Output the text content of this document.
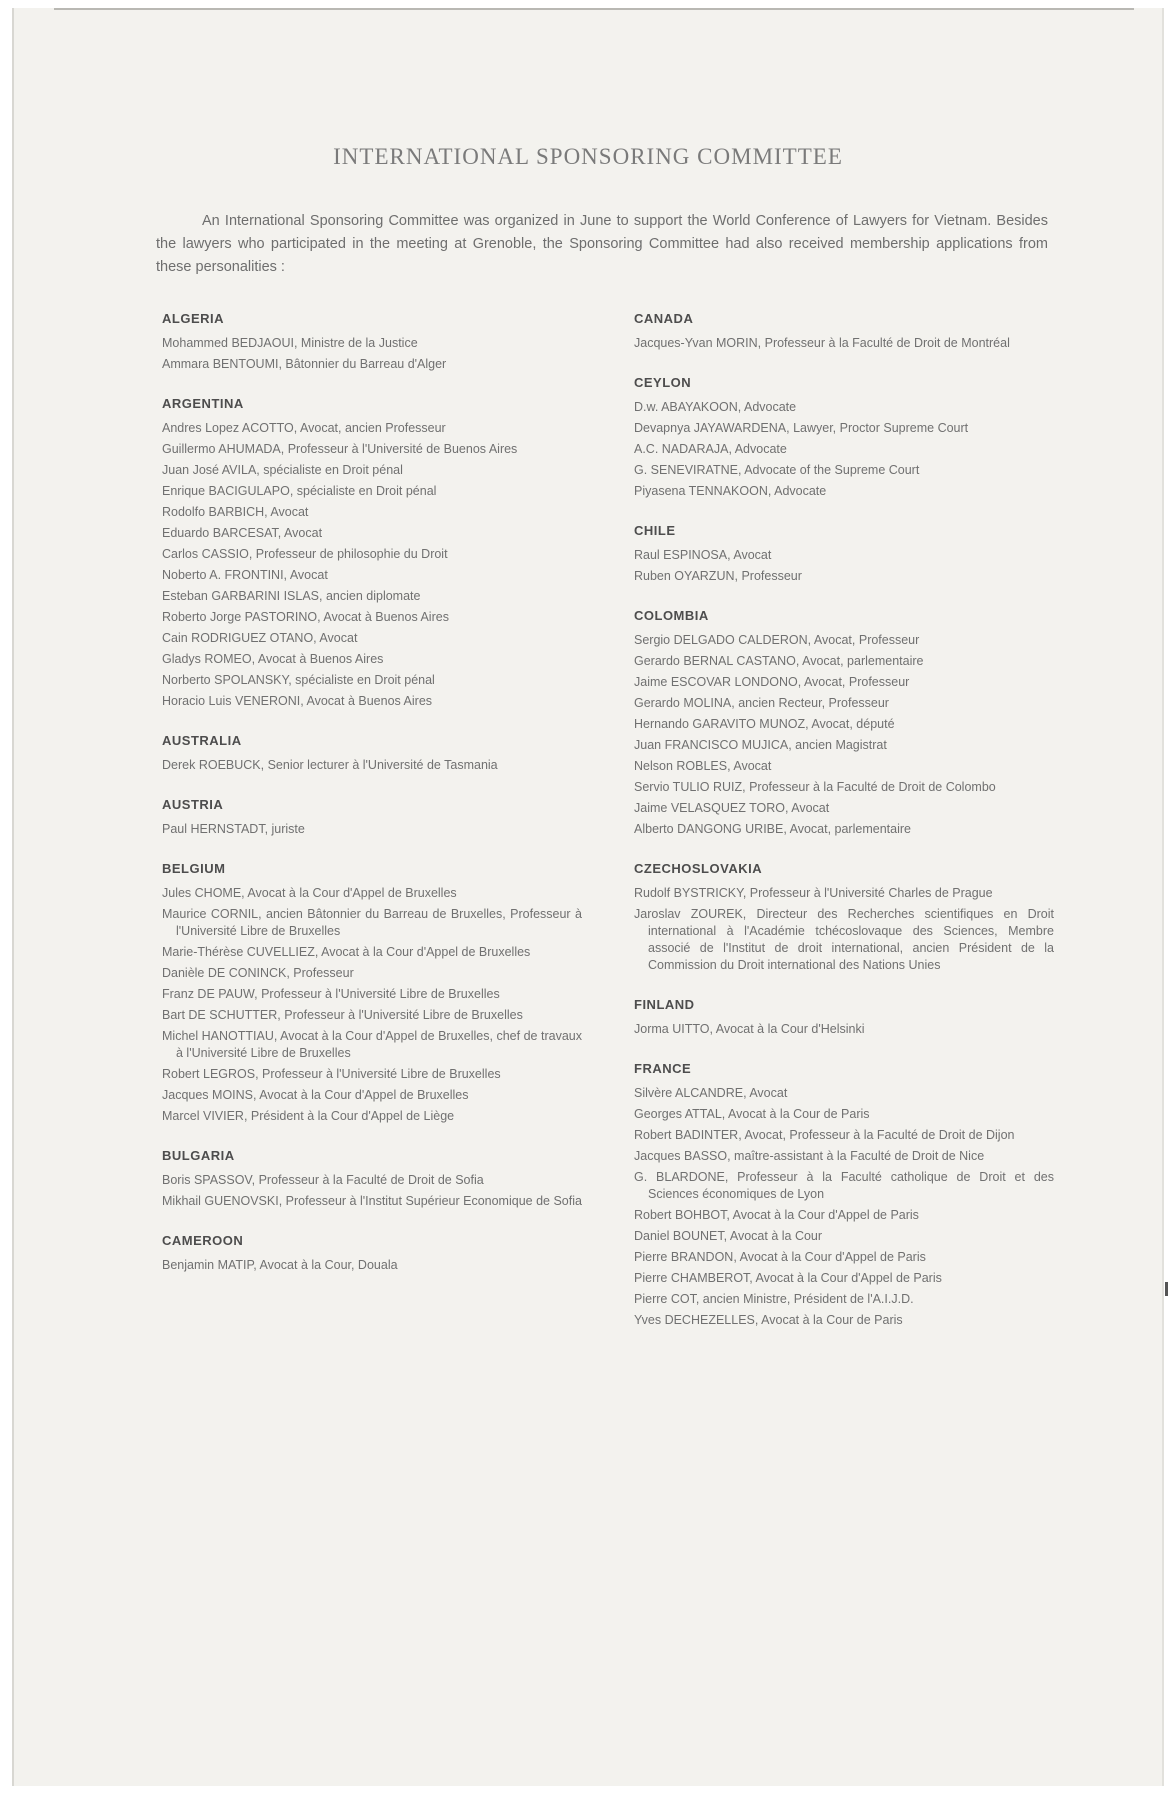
INTERNATIONAL SPONSORING COMMITTEE

An International Sponsoring Committee was organized in June to support the World Conference of Lawyers for Vietnam. Besides the lawyers who participated in the meeting at Grenoble, the Sponsoring Committee had also received membership applications from these personalities :

ALGERIA
Mohammed BEDJAOUI, Ministre de la Justice
Ammara BENTOUMI, Bâtonnier du Barreau d'Alger
ARGENTINA
Andres Lopez ACOTTO, Avocat, ancien Professeur
Guillermo AHUMADA, Professeur à l'Université de Buenos Aires
Juan José AVILA, spécialiste en Droit pénal
Enrique BACIGULAPO, spécialiste en Droit pénal
Rodolfo BARBICH, Avocat
Eduardo BARCESAT, Avocat
Carlos CASSIO, Professeur de philosophie du Droit
Noberto A. FRONTINI, Avocat
Esteban GARBARINI ISLAS, ancien diplomate
Roberto Jorge PASTORINO, Avocat à Buenos Aires
Cain RODRIGUEZ OTANO, Avocat
Gladys ROMEO, Avocat à Buenos Aires
Norberto SPOLANSKY, spécialiste en Droit pénal
Horacio Luis VENERONI, Avocat à Buenos Aires
AUSTRALIA
Derek ROEBUCK, Senior lecturer à l'Université de Tasmania
AUSTRIA
Paul HERNSTADT, juriste
BELGIUM
Jules CHOME, Avocat à la Cour d'Appel de Bruxelles
Maurice CORNIL, ancien Bâtonnier du Barreau de Bruxelles, Professeur à l'Université Libre de Bruxelles
Marie-Thérèse CUVELLIEZ, Avocat à la Cour d'Appel de Bruxelles
Danièle DE CONINCK, Professeur
Franz DE PAUW, Professeur à l'Université Libre de Bruxelles
Bart DE SCHUTTER, Professeur à l'Université Libre de Bruxelles
Michel HANOTTIAU, Avocat à la Cour d'Appel de Bruxelles, chef de travaux à l'Université Libre de Bruxelles
Robert LEGROS, Professeur à l'Université Libre de Bruxelles
Jacques MOINS, Avocat à la Cour d'Appel de Bruxelles
Marcel VIVIER, Président à la Cour d'Appel de Liège
BULGARIA
Boris SPASSOV, Professeur à la Faculté de Droit de Sofia
Mikhail GUENOVSKI, Professeur à l'Institut Supérieur Economique de Sofia
CAMEROON
Benjamin MATIP, Avocat à la Cour, Douala
CANADA
Jacques-Yvan MORIN, Professeur à la Faculté de Droit de Montréal
CEYLON
D.w. ABAYAKOON, Advocate
Devapnya JAYAWARDENA, Lawyer, Proctor Supreme Court
A.C. NADARAJA, Advocate
G. SENEVIRATNE, Advocate of the Supreme Court
Piyasena TENNAKOON, Advocate
CHILE
Raul ESPINOSA, Avocat
Ruben OYARZUN, Professeur
COLOMBIA
Sergio DELGADO CALDERON, Avocat, Professeur
Gerardo BERNAL CASTANO, Avocat, parlementaire
Jaime ESCOVAR LONDONO, Avocat, Professeur
Gerardo MOLINA, ancien Recteur, Professeur
Hernando GARAVITO MUNOZ, Avocat, député
Juan FRANCISCO MUJICA, ancien Magistrat
Nelson ROBLES, Avocat
Servio TULIO RUIZ, Professeur à la Faculté de Droit de Colombo
Jaime VELASQUEZ TORO, Avocat
Alberto DANGONG URIBE, Avocat, parlementaire
CZECHOSLOVAKIA
Rudolf BYSTRICKY, Professeur à l'Université Charles de Prague
Jaroslav ZOUREK, Directeur des Recherches scientifiques en Droit international à l'Académie tchécoslovaque des Sciences, Membre associé de l'Institut de droit international, ancien Président de la Commission du Droit international des Nations Unies
FINLAND
Jorma UITTO, Avocat à la Cour d'Helsinki
FRANCE
Silvère ALCANDRE, Avocat
Georges ATTAL, Avocat à la Cour de Paris
Robert BADINTER, Avocat, Professeur à la Faculté de Droit de Dijon
Jacques BASSO, maître-assistant à la Faculté de Droit de Nice
G. BLARDONE, Professeur à la Faculté catholique de Droit et des Sciences économiques de Lyon
Robert BOHBOT, Avocat à la Cour d'Appel de Paris
Daniel BOUNET, Avocat à la Cour
Pierre BRANDON, Avocat à la Cour d'Appel de Paris
Pierre CHAMBEROT, Avocat à la Cour d'Appel de Paris
Pierre COT, ancien Ministre, Président de l'A.I.J.D.
Yves DECHEZELLES, Avocat à la Cour de Paris
